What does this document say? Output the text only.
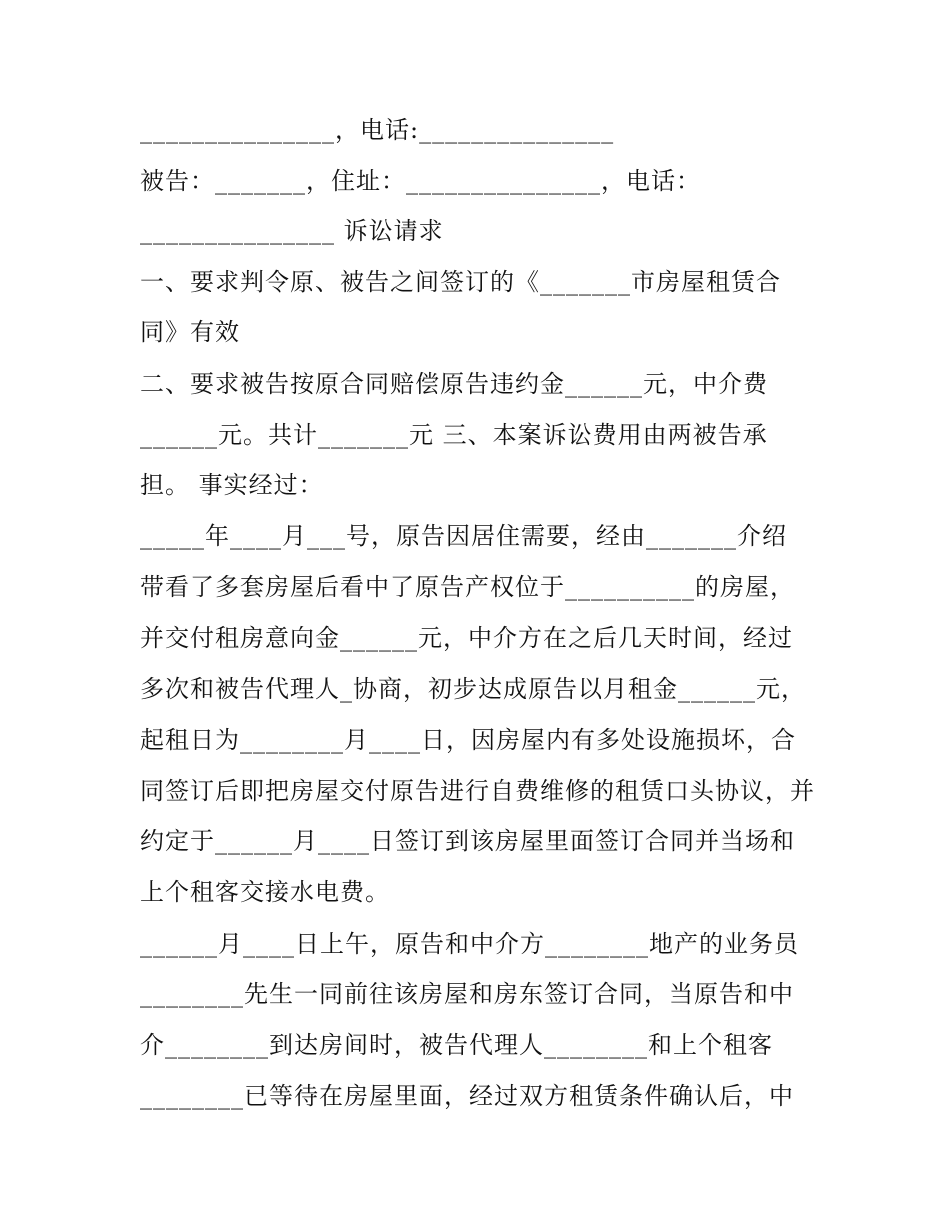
_______________，电话:_______________
被告：_______，住址：_______________，电话：
_______________ 诉讼请求
一、要求判令原、被告之间签订的《_______市房屋租赁合
同》有效
二、要求被告按原合同赔偿原告违约金______元，中介费
______元。共计_______元 三、本案诉讼费用由两被告承
担。 事实经过：
_____年____月___号，原告因居住需要，经由_______介绍
带看了多套房屋后看中了原告产权位于__________的房屋，
并交付租房意向金______元，中介方在之后几天时间，经过
多次和被告代理人_协商，初步达成原告以月租金______元，
起租日为________月____日，因房屋内有多处设施损坏，合
同签订后即把房屋交付原告进行自费维修的租赁口头协议，并
约定于______月____日签订到该房屋里面签订合同并当场和
上个租客交接水电费。
______月____日上午，原告和中介方________地产的业务员
________先生一同前往该房屋和房东签订合同，当原告和中
介________到达房间时，被告代理人________和上个租客
________已等待在房屋里面，经过双方租赁条件确认后，中
